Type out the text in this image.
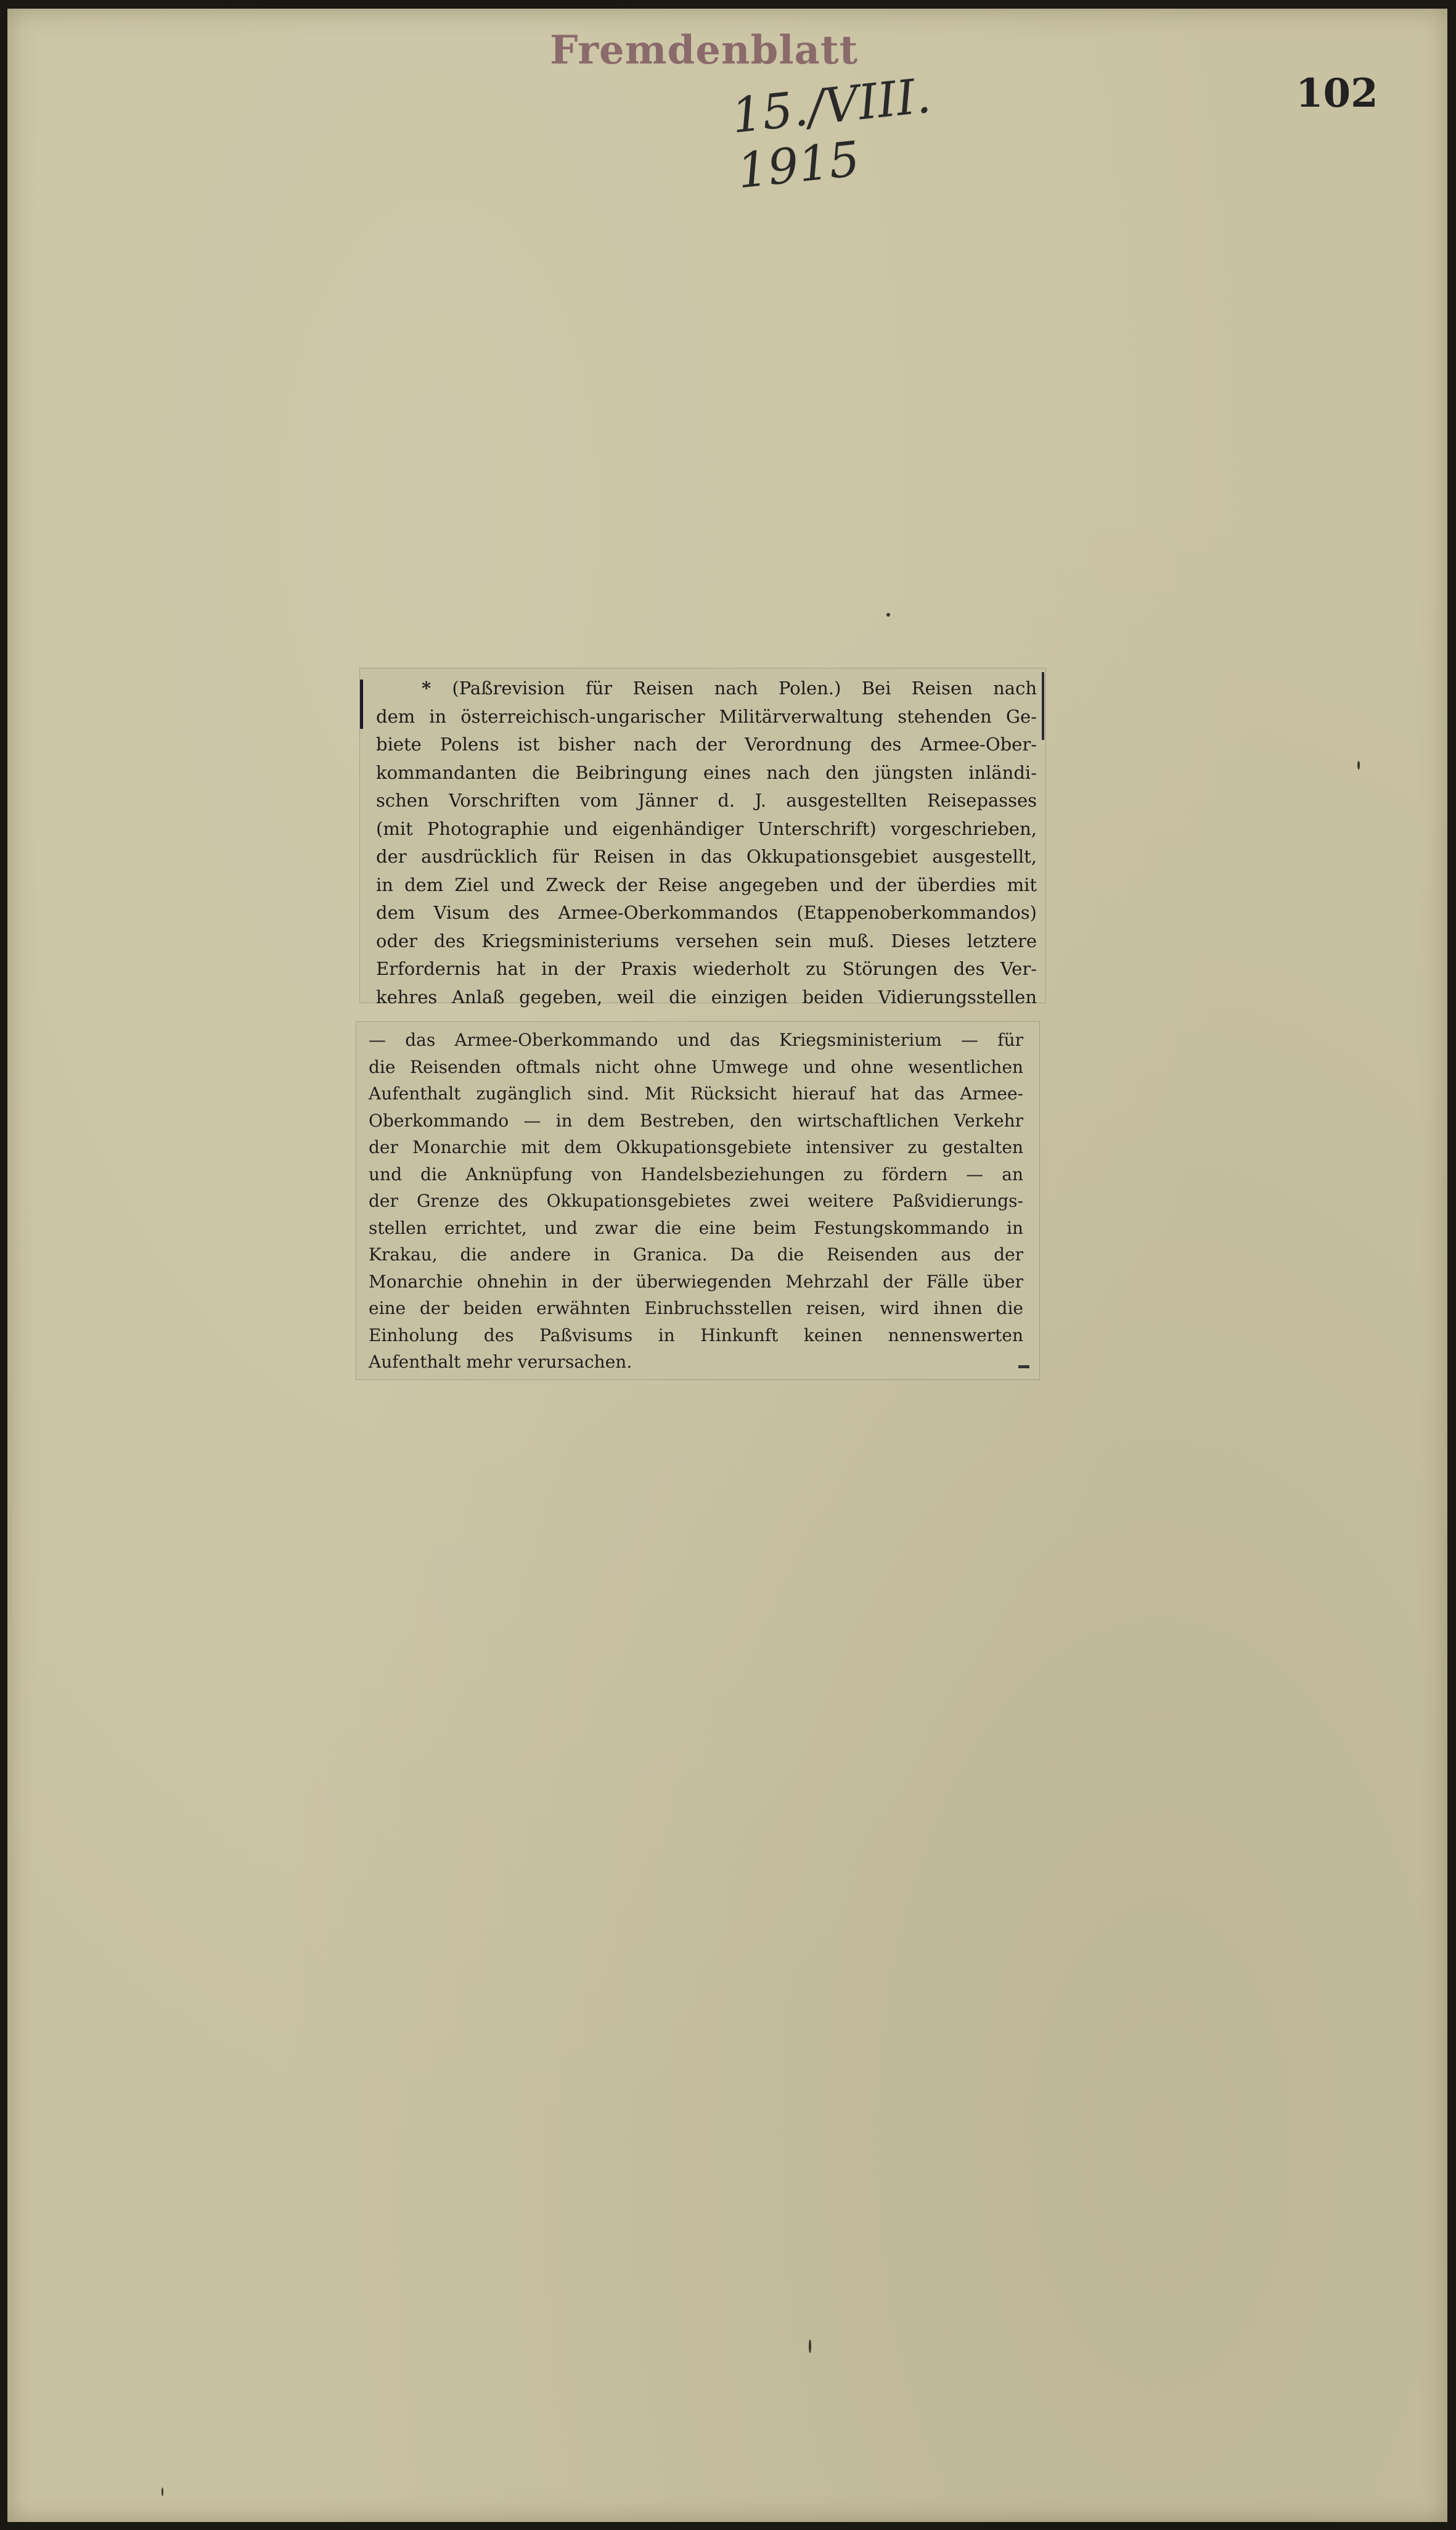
Fremdenblatt
15./VIII. 1915
102

* (Paßrevision für Reisen nach Polen.) Bei Reisen nach

dem in österreichisch-ungarischer Militärverwaltung stehenden Ge-

biete Polens ist bisher nach der Verordnung des Armee-Ober-

kommandanten die Beibringung eines nach den jüngsten inländi-

schen Vorschriften vom Jänner d. J. ausgestellten Reisepasses

(mit Photographie und eigenhändiger Unterschrift) vorgeschrieben,

der ausdrücklich für Reisen in das Okkupationsgebiet ausgestellt,

in dem Ziel und Zweck der Reise angegeben und der überdies mit

dem Visum des Armee-Oberkommandos (Etappenoberkommandos)

oder des Kriegsministeriums versehen sein muß. Dieses letztere

Erfordernis hat in der Praxis wiederholt zu Störungen des Ver-

kehres Anlaß gegeben, weil die einzigen beiden Vidierungsstellen

— das Armee-Oberkommando und das Kriegsministerium — für

die Reisenden oftmals nicht ohne Umwege und ohne wesentlichen

Aufenthalt zugänglich sind. Mit Rücksicht hierauf hat das Armee-

Oberkommando — in dem Bestreben, den wirtschaftlichen Verkehr

der Monarchie mit dem Okkupationsgebiete intensiver zu gestalten

und die Anknüpfung von Handelsbeziehungen zu fördern — an

der Grenze des Okkupationsgebietes zwei weitere Paßvidierungs-

stellen errichtet, und zwar die eine beim Festungskommando in

Krakau, die andere in Granica. Da die Reisenden aus der

Monarchie ohnehin in der überwiegenden Mehrzahl der Fälle über

eine der beiden erwähnten Einbruchsstellen reisen, wird ihnen die

Einholung des Paßvisums in Hinkunft keinen nennenswerten

Aufenthalt mehr verursachen.
